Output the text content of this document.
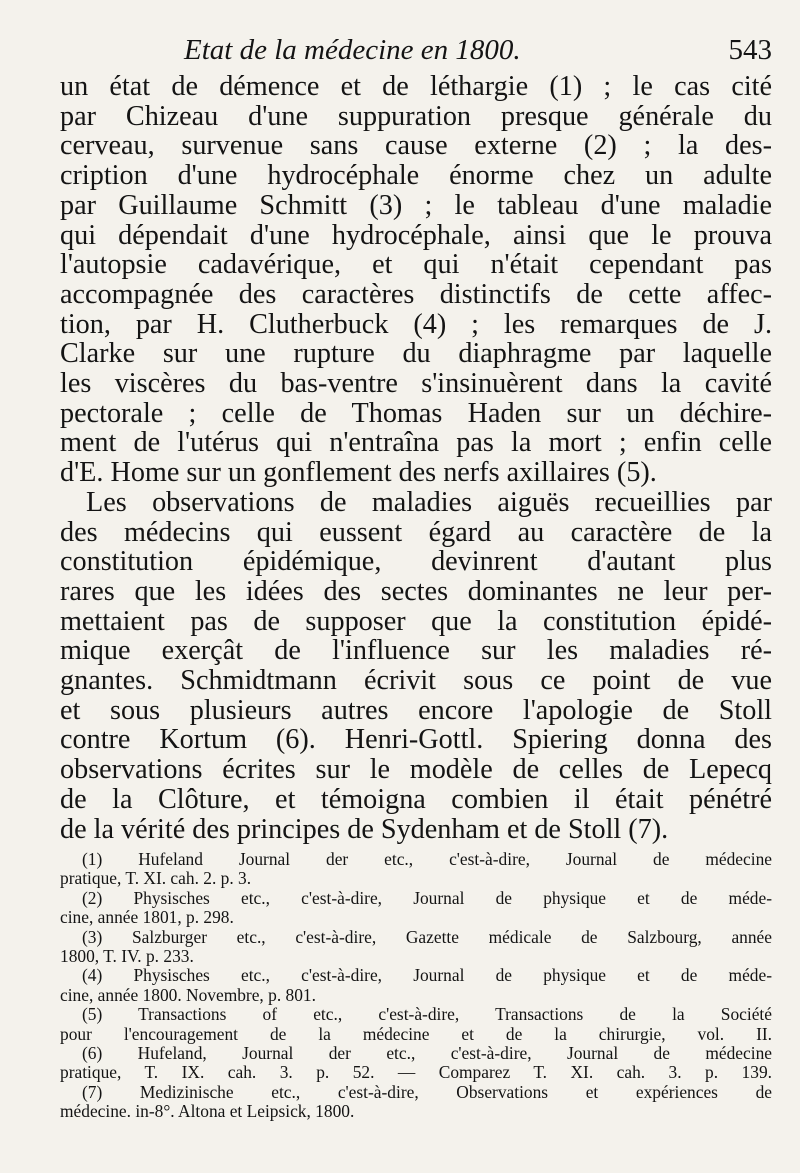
Etat de la médecine en 1800.	543
un état de démence et de léthargie (1) ; le cas cité
par Chizeau d'une suppuration presque générale du
cerveau, survenue sans cause externe (2) ; la des-
cription d'une hydrocéphale énorme chez un adulte
par Guillaume Schmitt (3) ; le tableau d'une maladie
qui dépendait d'une hydrocéphale, ainsi que le prouva
l'autopsie cadavérique, et qui n'était cependant pas
accompagnée des caractères distinctifs de cette affec-
tion, par H. Clutherbuck (4) ; les remarques de J.
Clarke sur une rupture du diaphragme par laquelle
les viscères du bas-ventre s'insinuèrent dans la cavité
pectorale ; celle de Thomas Haden sur un déchire-
ment de l'utérus qui n'entraîna pas la mort ; enfin celle
d'E. Home sur un gonflement des nerfs axillaires (5).
Les observations de maladies aiguës recueillies par
des médecins qui eussent égard au caractère de la
constitution épidémique, devinrent d'autant plus
rares que les idées des sectes dominantes ne leur per-
mettaient pas de supposer que la constitution épidé-
mique exerçât de l'influence sur les maladies ré-
gnantes. Schmidtmann écrivit sous ce point de vue
et sous plusieurs autres encore l'apologie de Stoll
contre Kortum (6). Henri-Gottl. Spiering donna des
observations écrites sur le modèle de celles de Lepecq
de la Clôture, et témoigna combien il était pénétré
de la vérité des principes de Sydenham et de Stoll (7).
(1) Hufeland Journal der etc., c'est-à-dire, Journal de médecine
pratique, T. XI. cah. 2. p. 3.
(2) Physisches etc., c'est-à-dire, Journal de physique et de méde-
cine, année 1801, p. 298.
(3) Salzburger etc., c'est-à-dire, Gazette médicale de Salzbourg, année
1800, T. IV. p. 233.
(4) Physisches etc., c'est-à-dire, Journal de physique et de méde-
cine, année 1800. Novembre, p. 801.
(5) Transactions of etc., c'est-à-dire, Transactions de la Société
pour l'encouragement de la médecine et de la chirurgie, vol. II.
(6) Hufeland, Journal der etc., c'est-à-dire, Journal de médecine
pratique, T. IX. cah. 3. p. 52. — Comparez T. XI. cah. 3. p. 139.
(7) Medizinische etc., c'est-à-dire, Observations et expériences de
médecine. in-8°. Altona et Leipsick, 1800.
